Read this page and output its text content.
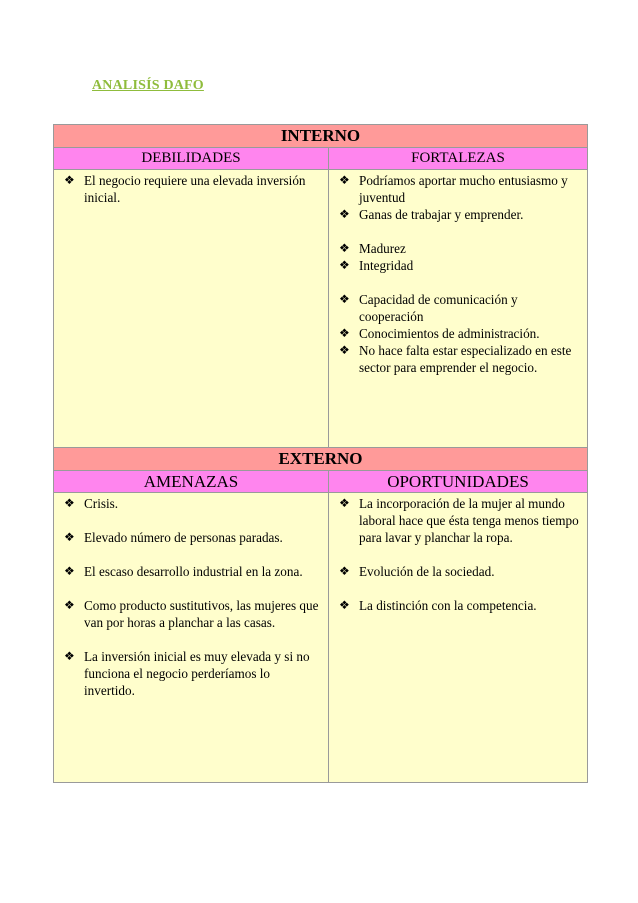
ANALISÍS DAFO
INTERNO
DEBILIDADES
❖ El negocio requiere una elevada inversión inicial.
FORTALEZAS
❖ Podríamos aportar mucho entusiasmo y juventud
❖ Ganas de trabajar y emprender.
❖ Madurez
❖ Integridad
❖ Capacidad de comunicación y cooperación
❖ Conocimientos de administración.
❖ No hace falta estar especializado en este sector para emprender el negocio.
EXTERNO
AMENAZAS
❖ Crisis.
❖ Elevado número de personas paradas.
❖ El escaso desarrollo industrial en la zona.
❖ Como producto sustitutivos, las mujeres que van por horas a planchar a las casas.
❖ La inversión inicial es muy elevada y si no funciona el negocio perderíamos lo invertido.
OPORTUNIDADES
❖ La incorporación de la mujer al mundo laboral hace que ésta tenga menos tiempo para lavar y planchar la ropa.
❖ Evolución de la sociedad.
❖ La distinción con la competencia.
